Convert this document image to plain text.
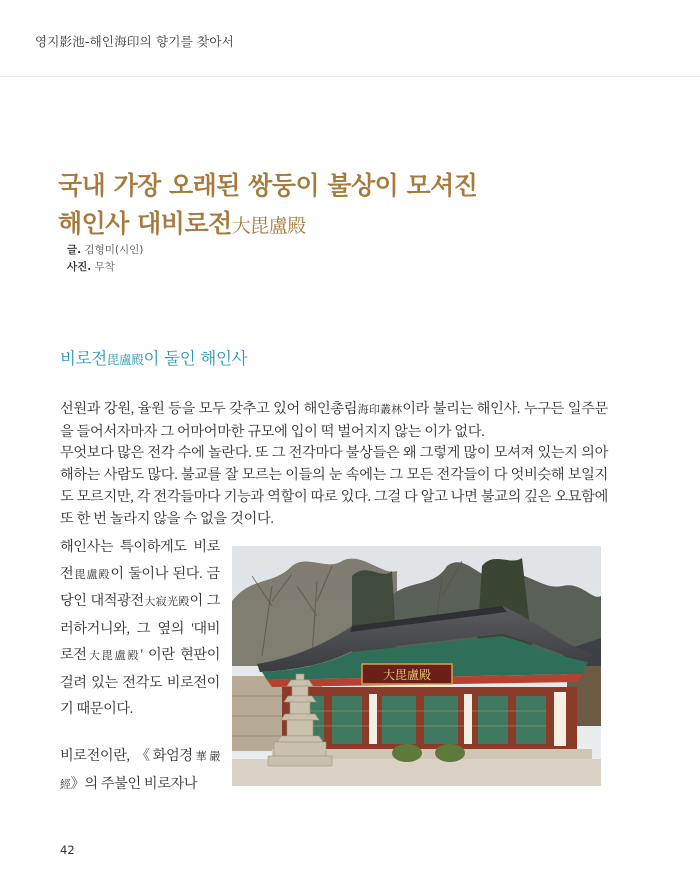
영지影池-해인海印의 향기를 찾아서
국내 가장 오래된 쌍둥이 불상이 모셔진
해인사 대비로전大毘盧殿
글. 김형미(시인)
사진. 무착
비로전毘盧殿이 둘인 해인사

선원과 강원, 율원 등을 모두 갖추고 있어 해인총림海印叢林이라 불리는 해인사. 누구든 일주문을 들어서자마자 그 어마어마한 규모에 입이 떡 벌어지지 않는 이가 없다.

무엇보다 많은 전각 수에 놀란다. 또 그 전각마다 불상들은 왜 그렇게 많이 모셔져 있는지 의아해하는 사람도 많다. 불교를 잘 모르는 이들의 눈 속에는 그 모든 전각들이 다 엇비슷해 보일지도 모르지만, 각 전각들마다 기능과 역할이 따로 있다. 그걸 다 알고 나면 불교의 깊은 오묘함에 또 한 번 놀라지 않을 수 없을 것이다.

해인사는 특이하게도 비로전毘盧殿이 둘이나 된다. 금당인 대적광전大寂光殿이 그러하거니와, 그 옆의 '대비로전大毘盧殿' 이란 현판이 걸려 있는 전각도 비로전이기 때문이다.

비로전이란, 《화엄경華嚴經》의 주불인 비로자나

大毘盧殿
42
